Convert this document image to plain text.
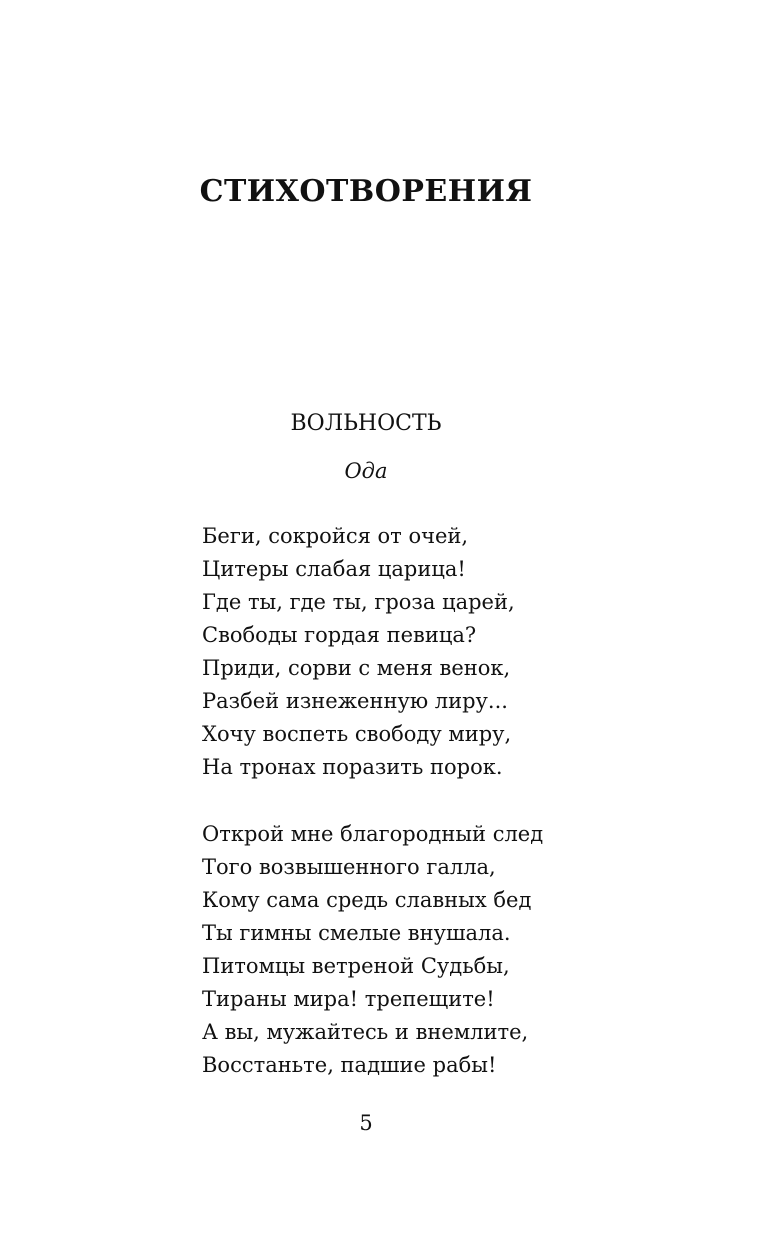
СТИХОТВОРЕНИЯ
ВОЛЬНОСТЬ
Ода
Беги, сокройся от очей,
Цитеры слабая царица!
Где ты, где ты, гроза царей,
Свободы гордая певица?
Приди, сорви с меня венок,
Разбей изнеженную лиру...
Хочу воспеть свободу миру,
На тронах поразить порок.
Открой мне благородный след
Того возвышенного галла,
Кому сама средь славных бед
Ты гимны смелые внушала.
Питомцы ветреной Судьбы,
Тираны мира! трепещите!
А вы, мужайтесь и внемлите,
Восстаньте, падшие рабы!
5
